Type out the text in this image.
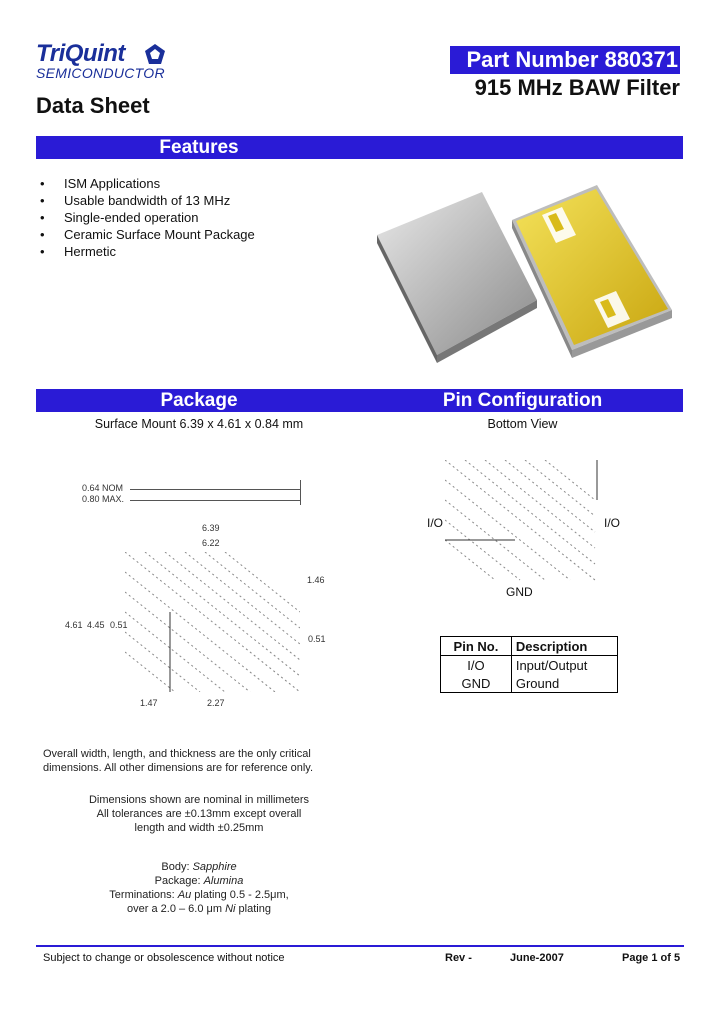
TriQuint
SEMICONDUCTOR
Data Sheet
Part Number 880371
915 MHz BAW Filter
Features
• ISM Applications
• Usable bandwidth of 13 MHz
• Single-ended operation
• Ceramic Surface Mount Package
• Hermetic
Package	Pin Configuration
Surface Mount 6.39 x 4.61 x 0.84 mm	Bottom View
0.64 NOM
0.80 MAX.
6.39
6.22
4.61 4.45 0.51
1.46
0.51
1.47	2.27
Overall width, length, and thickness are the only critical dimensions. All other dimensions are for reference only.
Dimensions shown are nominal in millimeters
All tolerances are ±0.13mm except overall
length and width ±0.25mm
Body: Sapphire
Package: Alumina
Terminations: Au plating 0.5 - 2.5μm,
over a 2.0 – 6.0 μm Ni plating
I/O	I/O
GND
Pin No.	Description
I/O	Input/Output
GND	Ground
Subject to change or obsolescence without notice	Rev -	June-2007	Page 1 of 5
